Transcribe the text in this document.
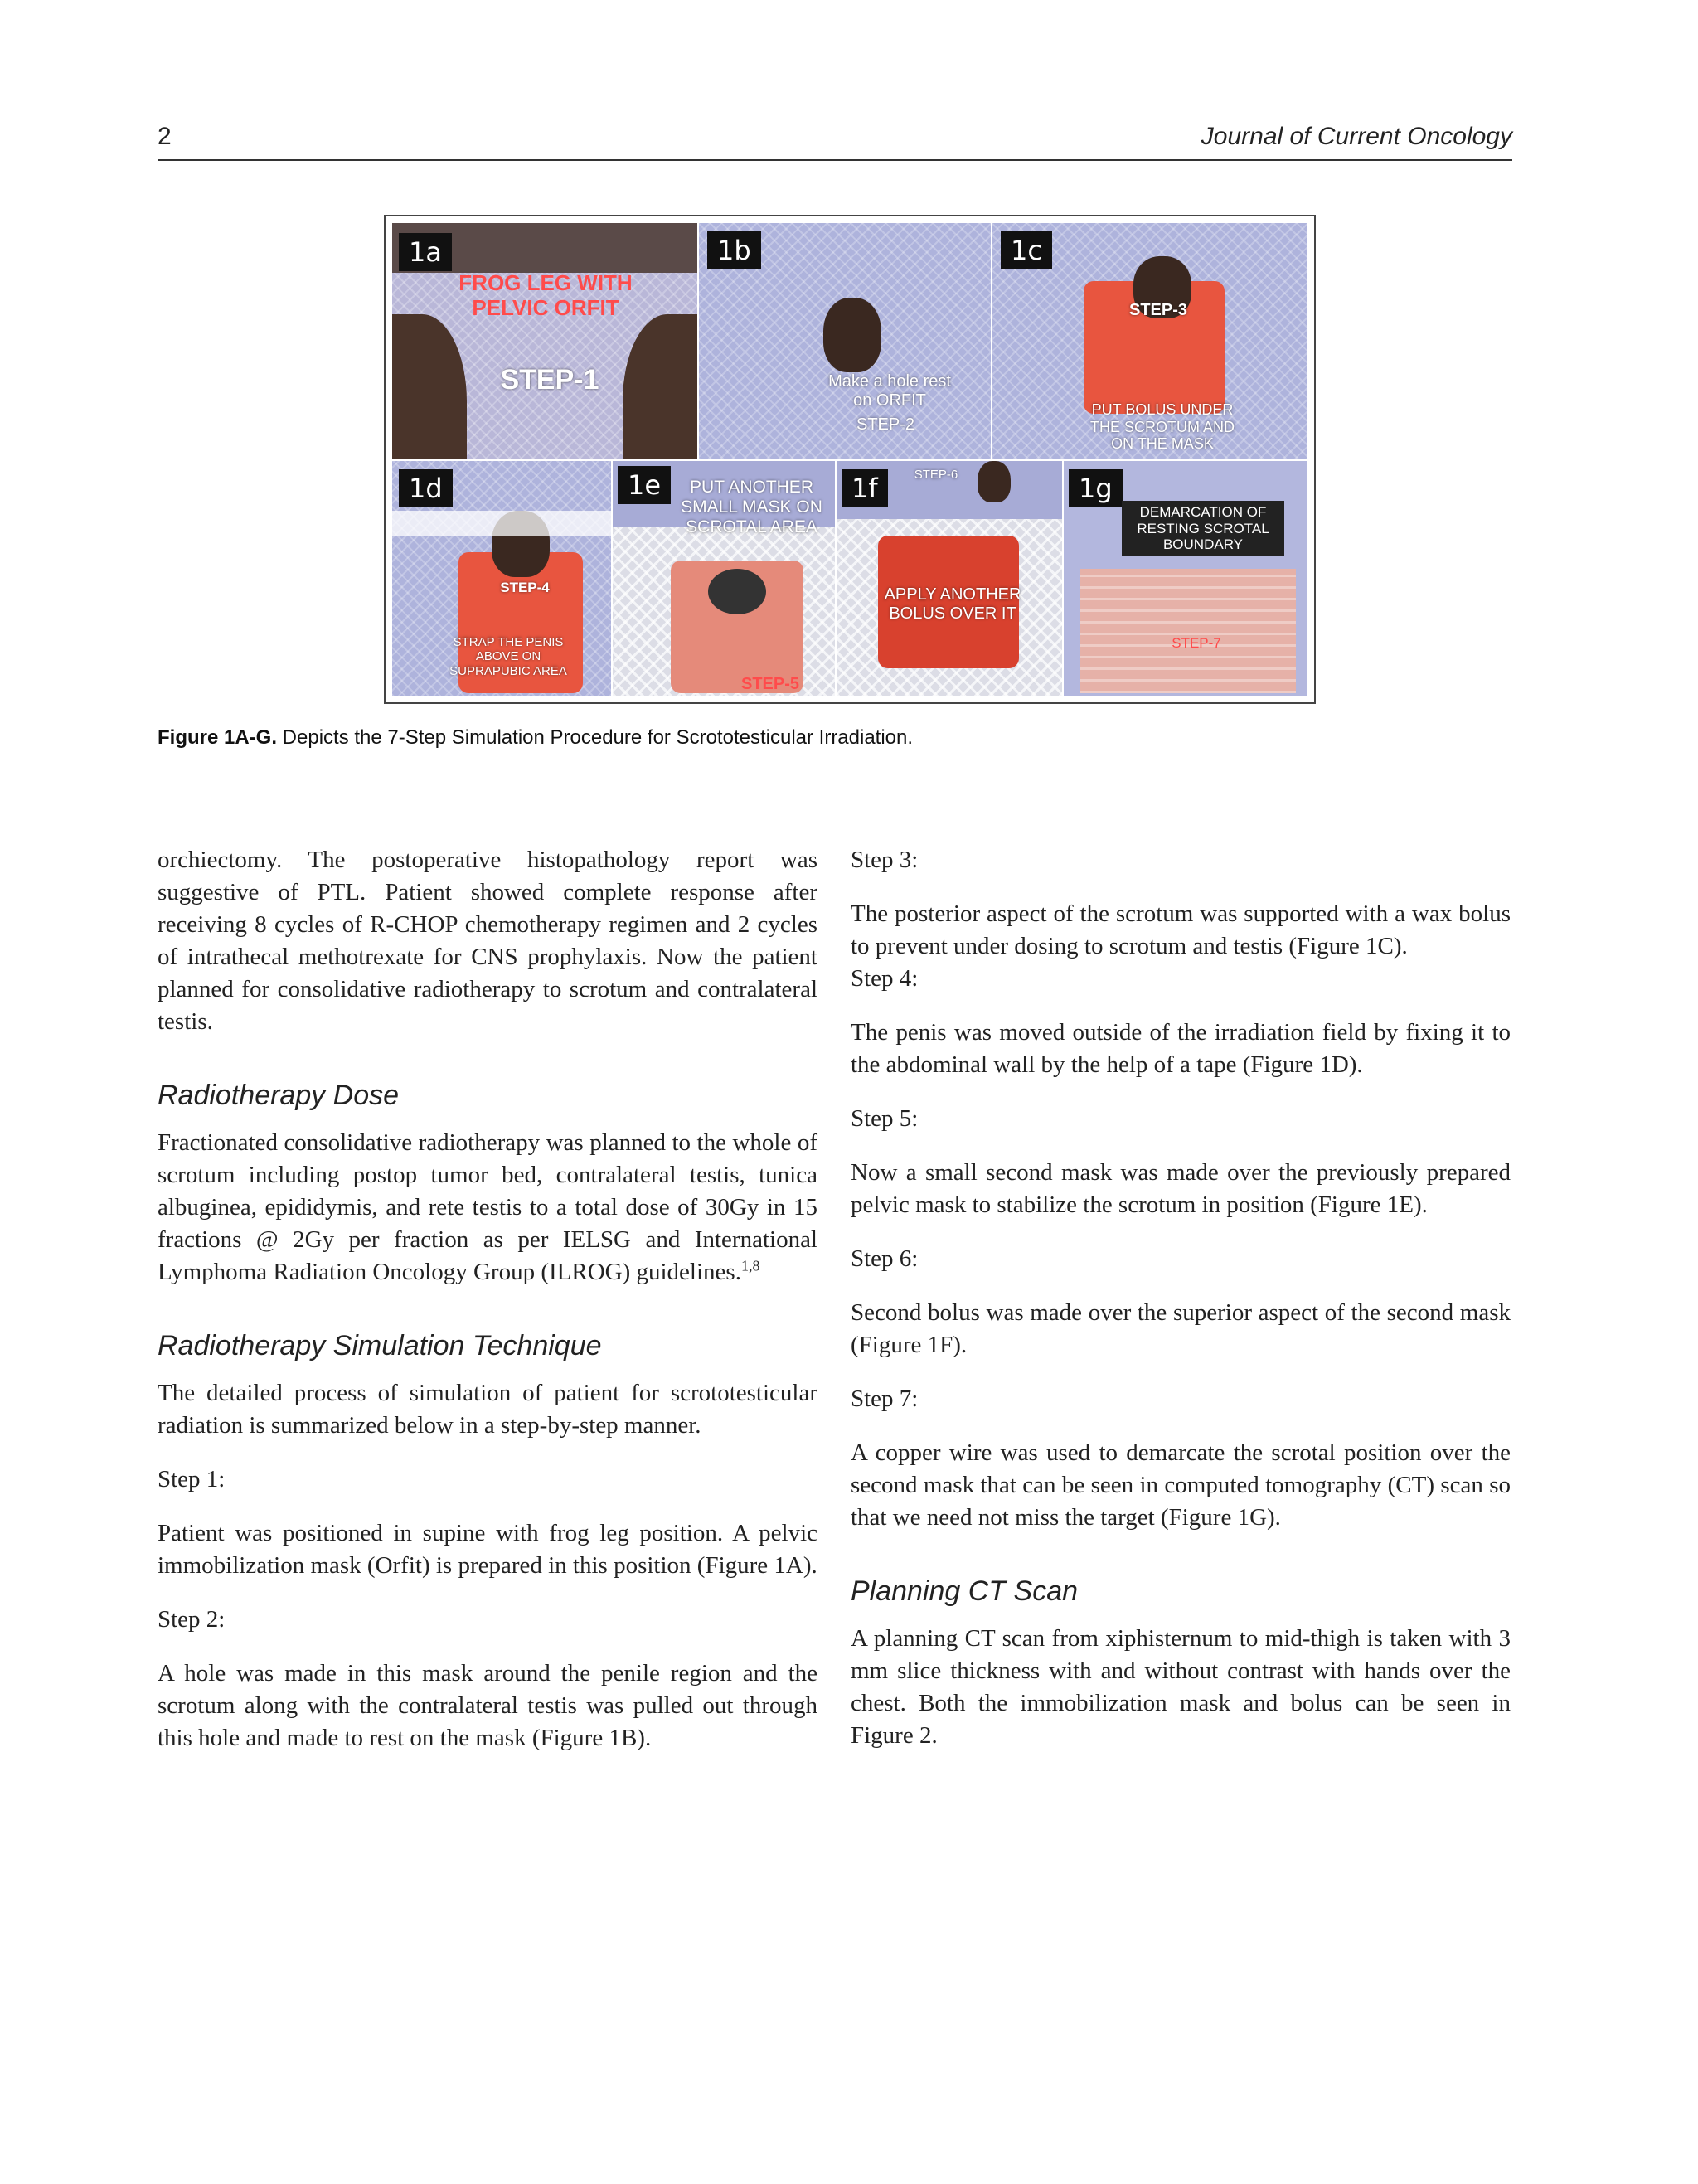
2	Journal of Current Oncology
1a
FROG LEG WITH
PELVIC ORFIT
STEP-1
1b
Make a hole rest
on ORFIT
STEP-2
1c
STEP-3
PUT BOLUS UNDER
THE SCROTUM AND
ON THE MASK
1d
STEP-4
STRAP THE PENIS
ABOVE ON
SUPRAPUBIC AREA
1e	PUT ANOTHER
SMALL MASK ON
SCROTAL AREA
STEP-5
1f	STEP-6
APPLY ANOTHER
BOLUS OVER IT
1g
DEMARCATION OF
RESTING SCROTAL
BOUNDARY
STEP-7
Figure 1A-G. Depicts the 7-Step Simulation Procedure for Scrototesticular Irradiation.

orchiectomy. The postoperative histopathology report was suggestive of PTL. Patient showed complete response after receiving 8 cycles of R-CHOP chemotherapy regimen and 2 cycles of intrathecal methotrexate for CNS prophylaxis. Now the patient planned for consolidative radiotherapy to scrotum and contralateral testis.

Radiotherapy Dose

Fractionated consolidative radiotherapy was planned to the whole of scrotum including postop tumor bed, contralateral testis, tunica albuginea, epididymis, and rete testis to a total dose of 30Gy in 15 fractions @ 2Gy per fraction as per IELSG and International Lymphoma Radiation Oncology Group (ILROG) guidelines.$^{1,8}$

Radiotherapy Simulation Technique

The detailed process of simulation of patient for scrototesticular radiation is summarized below in a step-by-step manner.

Step 1:

Patient was positioned in supine with frog leg position. A pelvic immobilization mask (Orfit) is prepared in this position (Figure 1A).

Step 2:

A hole was made in this mask around the penile region and the scrotum along with the contralateral testis was pulled out through this hole and made to rest on the mask (Figure 1B).

Step 3:

The posterior aspect of the scrotum was supported with a wax bolus to prevent under dosing to scrotum and testis (Figure 1C).

Step 4:

The penis was moved outside of the irradiation field by fixing it to the abdominal wall by the help of a tape (Figure 1D).

Step 5:

Now a small second mask was made over the previously prepared pelvic mask to stabilize the scrotum in position (Figure 1E).

Step 6:

Second bolus was made over the superior aspect of the second mask (Figure 1F).

Step 7:

A copper wire was used to demarcate the scrotal position over the second mask that can be seen in computed tomography (CT) scan so that we need not miss the target (Figure 1G).

Planning CT Scan

A planning CT scan from xiphisternum to mid-thigh is taken with 3 mm slice thickness with and without contrast with hands over the chest. Both the immobilization mask and bolus can be seen in Figure 2.
